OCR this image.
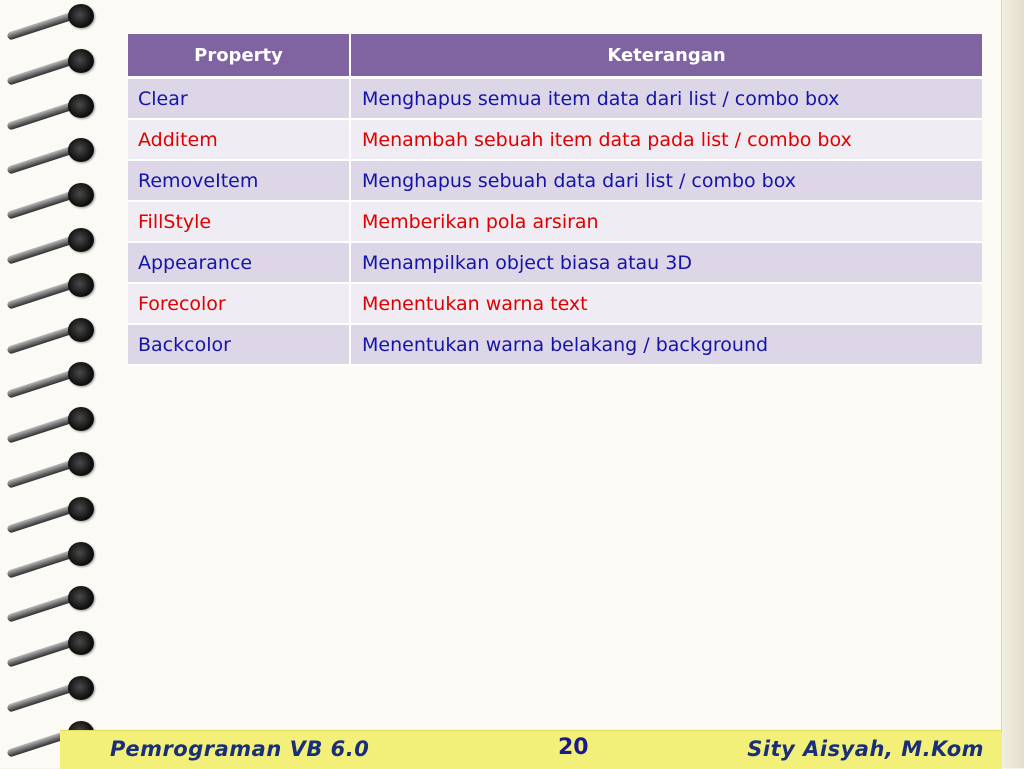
Property	Keterangan
Clear	Menghapus semua item data dari list / combo box
Additem	Menambah sebuah item data pada list / combo box
RemoveItem	Menghapus sebuah data dari list / combo box
FillStyle	Memberikan pola arsiran
Appearance	Menampilkan object biasa atau 3D
Forecolor	Menentukan warna text
Backcolor	Menentukan warna belakang / background
Pemrograman VB 6.0	20	Sity Aisyah, M.Kom
